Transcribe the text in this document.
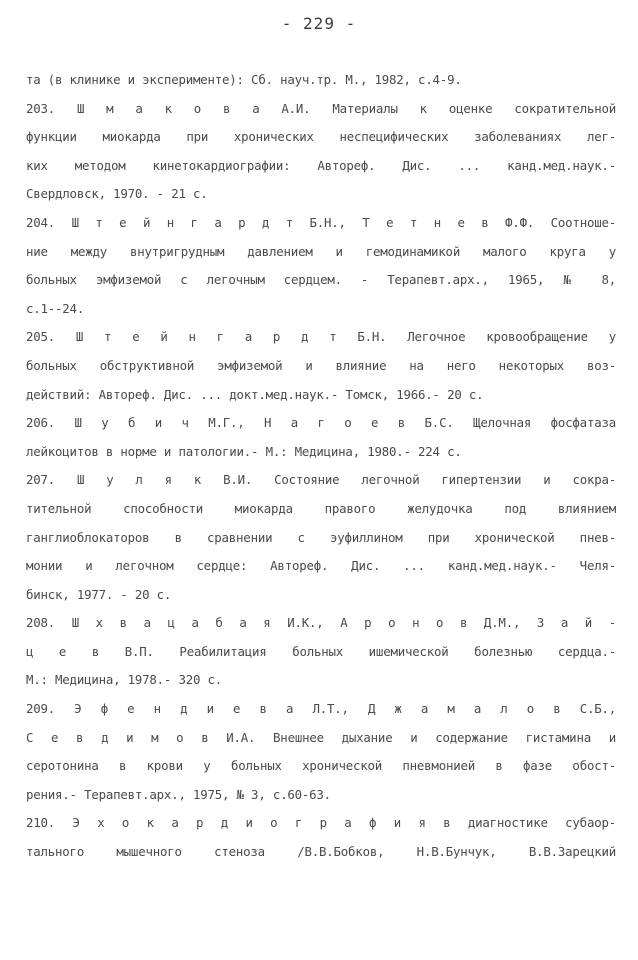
- 229 -
та (в клинике и эксперименте): Сб. науч.тр. М., 1982, с.4-9.
203. Ш м а к о в а А.И. Материалы к оценке сократительной
функции миокарда при хронических неспецифических заболеваниях лег-
ких методом кинетокардиографии: Автореф. Дис. ... канд.мед.наук.-
Свердловск, 1970. - 21 с.
204. Ш т е й н г а р д т Б.Н., Т е т н е в Ф.Ф. Соотноше-
ние между внутригрудным давлением и гемодинамикой малого круга у
больных эмфиземой с легочным сердцем. - Терапевт.арх., 1965, № 8,
с.1--24.
205. Ш т е й н г а р д т Б.Н. Легочное кровообращение у
больных обструктивной эмфиземой и влияние на него некоторых воз-
действий: Автореф. Дис. ... докт.мед.наук.- Томск, 1966.- 20 с.
206. Ш у б и ч М.Г., Н а г о е в Б.С. Щелочная фосфатаза
лейкоцитов в норме и патологии.- М.: Медицина, 1980.- 224 с.
207. Ш у л я к В.И. Состояние легочной гипертензии и сокра-
тительной способности миокарда правого желудочка под влиянием
ганглиоблокаторов в сравнении с эуфиллином при хронической пнев-
монии и легочном сердце: Автореф. Дис. ... канд.мед.наук.- Челя-
бинск, 1977. - 20 с.
208. Ш х в а ц а б а я И.К., А р о н о в Д.М., З а й -
ц е в В.П. Реабилитация больных ишемической болезнью сердца.-
М.: Медицина, 1978.- 320 с.
209. Э ф е н д и е в а Л.Т., Д ж а м а л о в С.Б.,
С е в д и м о в И.А. Внешнее дыхание и содержание гистамина и
серотонина в крови у больных хронической пневмонией в фазе обост-
рения.- Терапевт.арх., 1975, № 3, с.60-63.
210. Э х о к а р д и о г р а ф и я в диагностике субаор-
тального мышечного стеноза /В.В.Бобков, Н.В.Бунчук, В.В.Зарецкий
